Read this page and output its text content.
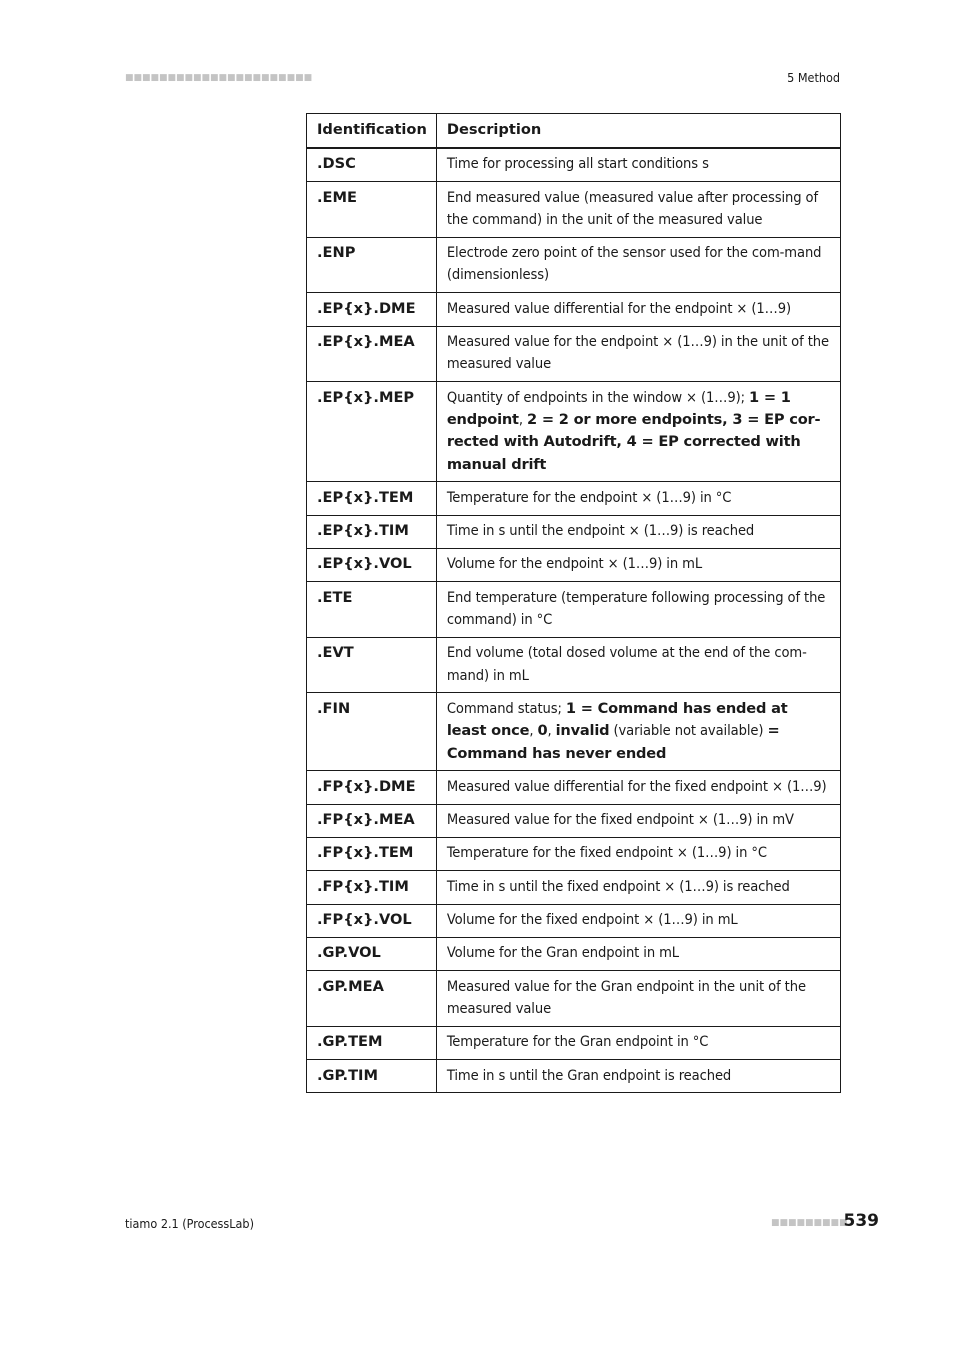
■■■■■■■■■■■■■■■■■■■■■■	5 Method
Identification	Description
.DSC	Time for processing all start conditions s
.EME	End measured value (measured value after processing of the command) in the unit of the measured value
.ENP	Electrode zero point of the sensor used for the com-mand (dimensionless)
.EP{x}.DME	Measured value differential for the endpoint × (1…9)
.EP{x}.MEA	Measured value for the endpoint × (1…9) in the unit of the measured value
.EP{x}.MEP	Quantity of endpoints in the window × (1…9); 1 = 1 endpoint, 2 = 2 or more endpoints, 3 = EP cor-rected with Autodrift, 4 = EP corrected with manual drift
.EP{x}.TEM	Temperature for the endpoint × (1…9) in °C
.EP{x}.TIM	Time in s until the endpoint × (1…9) is reached
.EP{x}.VOL	Volume for the endpoint × (1…9) in mL
.ETE	End temperature (temperature following processing of the command) in °C
.EVT	End volume (total dosed volume at the end of the com-mand) in mL
.FIN	Command status; 1 = Command has ended at least once, 0, invalid (variable not available) = Command has never ended
.FP{x}.DME	Measured value differential for the fixed endpoint × (1…9)
.FP{x}.MEA	Measured value for the fixed endpoint × (1…9) in mV
.FP{x}.TEM	Temperature for the fixed endpoint × (1…9) in °C
.FP{x}.TIM	Time in s until the fixed endpoint × (1…9) is reached
.FP{x}.VOL	Volume for the fixed endpoint × (1…9) in mL
.GP.VOL	Volume for the Gran endpoint in mL
.GP.MEA	Measured value for the Gran endpoint in the unit of the measured value
.GP.TEM	Temperature for the Gran endpoint in °C
.GP.TIM	Time in s until the Gran endpoint is reached
tiamo 2.1 (ProcessLab)	■■■■■■■■■
539
